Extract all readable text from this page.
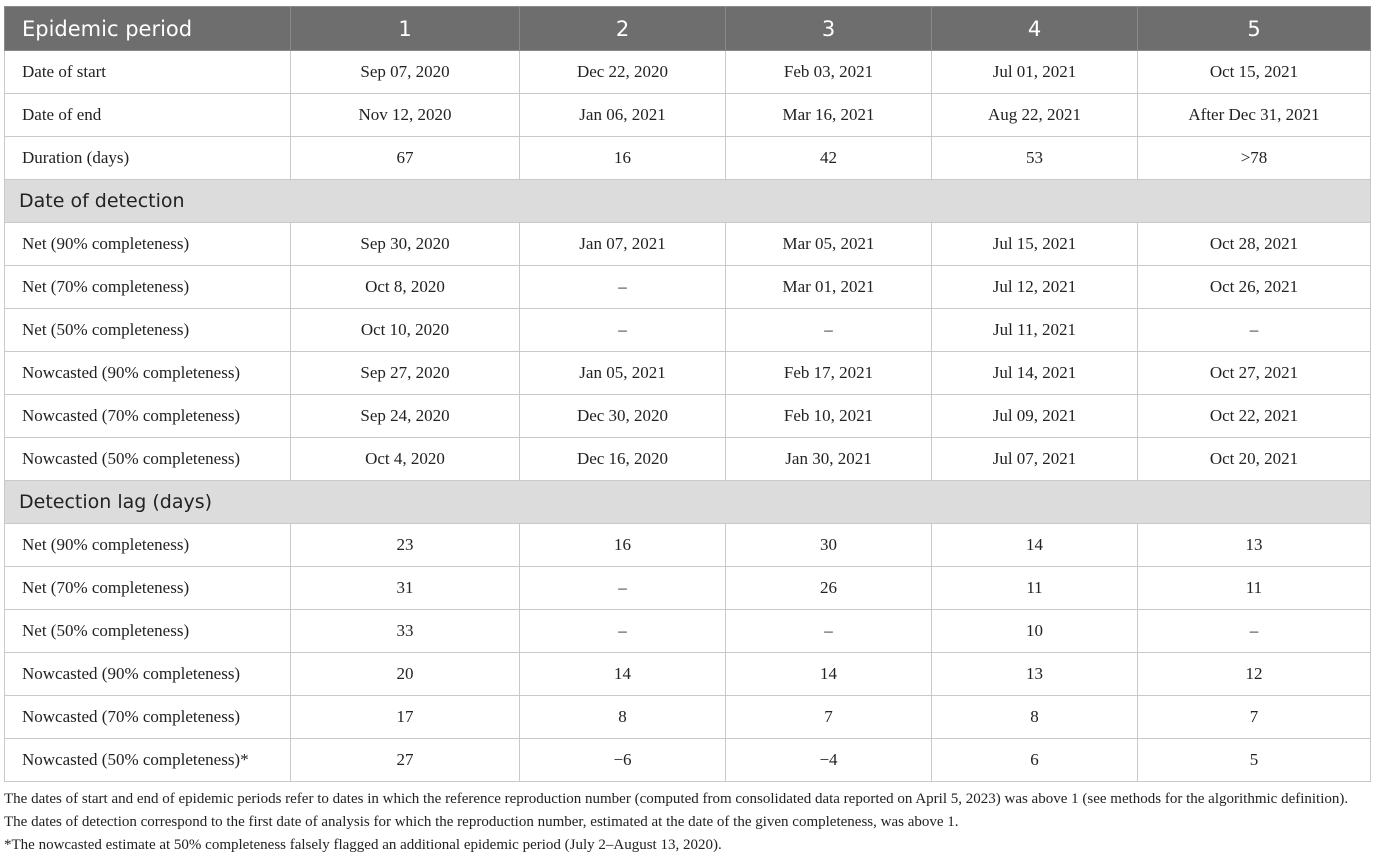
Epidemic period	1	2	3	4	5
Date of start	Sep 07, 2020	Dec 22, 2020	Feb 03, 2021	Jul 01, 2021	Oct 15, 2021
Date of end	Nov 12, 2020	Jan 06, 2021	Mar 16, 2021	Aug 22, 2021	After Dec 31, 2021
Duration (days)	67	16	42	53	>78
Date of detection					
Net (90% completeness)	Sep 30, 2020	Jan 07, 2021	Mar 05, 2021	Jul 15, 2021	Oct 28, 2021
Net (70% completeness)	Oct 8, 2020	–	Mar 01, 2021	Jul 12, 2021	Oct 26, 2021
Net (50% completeness)	Oct 10, 2020	–	–	Jul 11, 2021	–
Nowcasted (90% completeness)	Sep 27, 2020	Jan 05, 2021	Feb 17, 2021	Jul 14, 2021	Oct 27, 2021
Nowcasted (70% completeness)	Sep 24, 2020	Dec 30, 2020	Feb 10, 2021	Jul 09, 2021	Oct 22, 2021
Nowcasted (50% completeness)	Oct 4, 2020	Dec 16, 2020	Jan 30, 2021	Jul 07, 2021	Oct 20, 2021
Detection lag (days)					
Net (90% completeness)	23	16	30	14	13
Net (70% completeness)	31	–	26	11	11
Net (50% completeness)	33	–	–	10	–
Nowcasted (90% completeness)	20	14	14	13	12
Nowcasted (70% completeness)	17	8	7	8	7
Nowcasted (50% completeness)*	27	−6	−4	6	5

The dates of start and end of epidemic periods refer to dates in which the reference reproduction number (computed from consolidated data reported on April 5, 2023) was above 1 (see methods for the algorithmic definition). The dates of detection correspond to the first date of analysis for which the reproduction number, estimated at the date of the given completeness, was above 1.

*The nowcasted estimate at 50% completeness falsely flagged an additional epidemic period (July 2–August 13, 2020).
